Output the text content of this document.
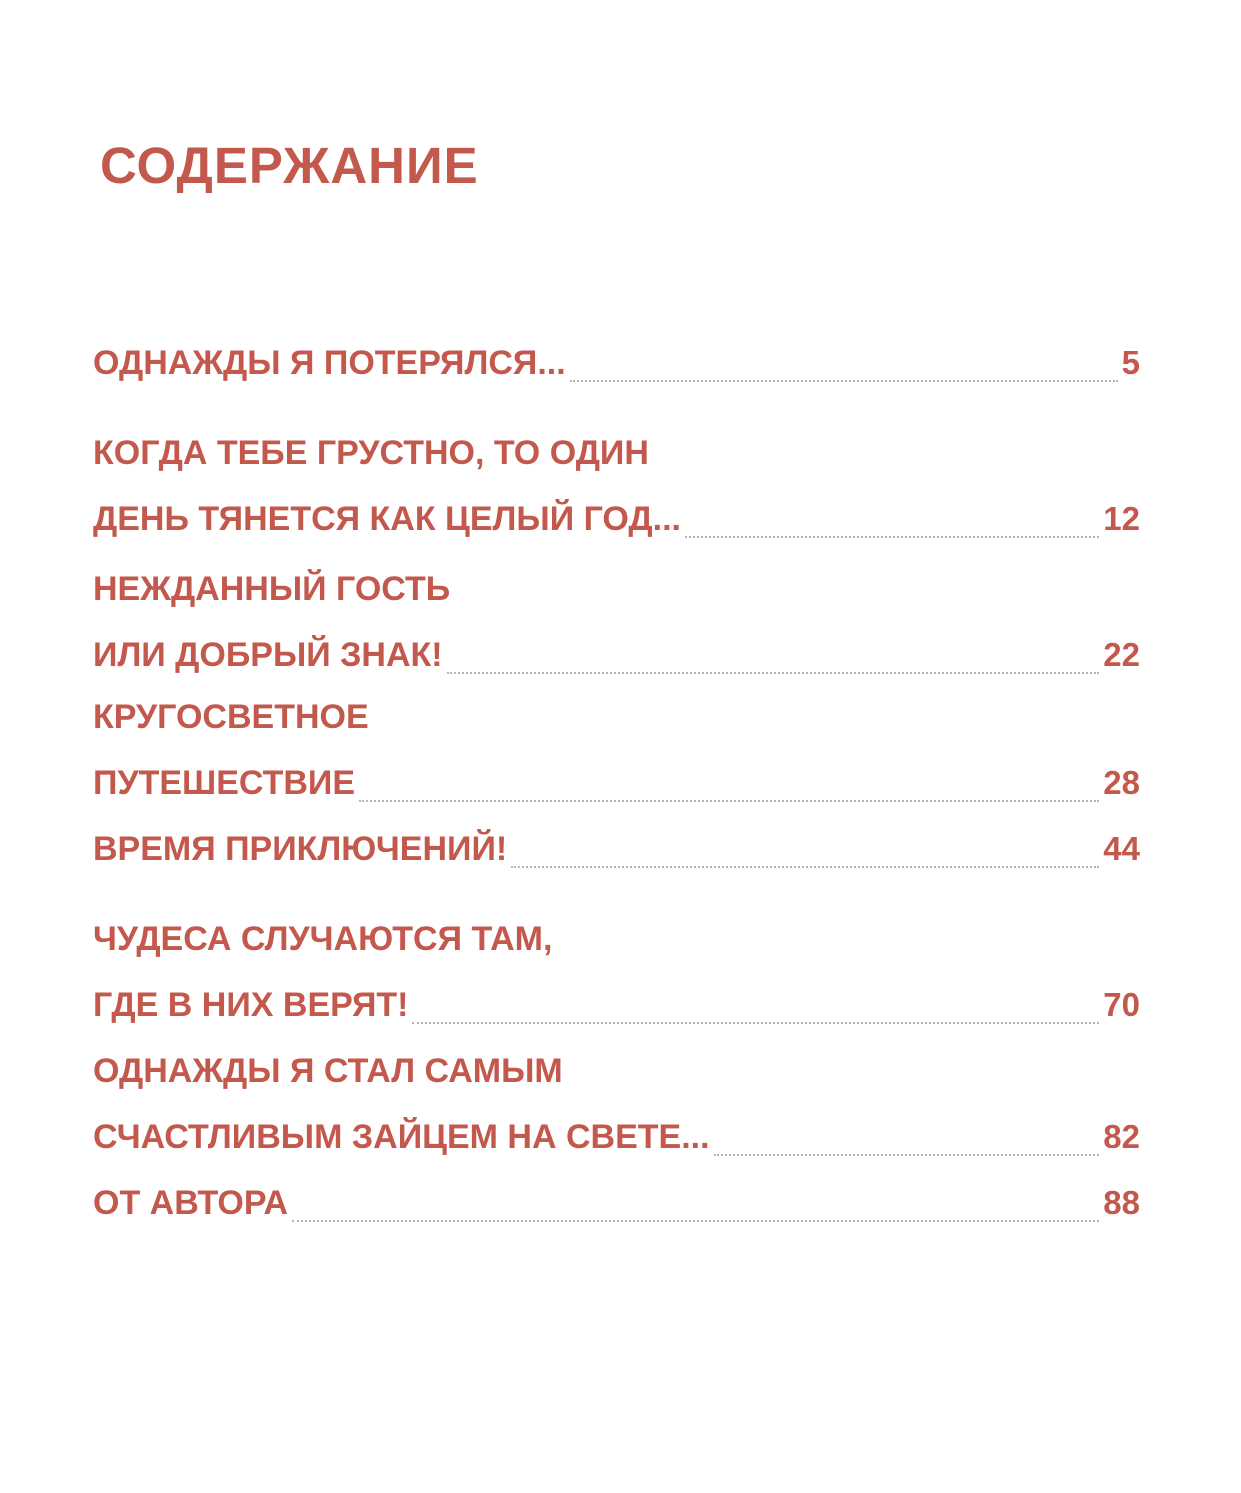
СОДЕРЖАНИЕ
ОДНАЖДЫ Я ПОТЕРЯЛСЯ...	5
КОГДА ТЕБЕ ГРУСТНО, ТО ОДИН
ДЕНЬ ТЯНЕТСЯ КАК ЦЕЛЫЙ ГОД...	12
НЕЖДАННЫЙ ГОСТЬ
ИЛИ ДОБРЫЙ ЗНАК!	22
КРУГОСВЕТНОЕ
ПУТЕШЕСТВИЕ	28
ВРЕМЯ ПРИКЛЮЧЕНИЙ!	44
ЧУДЕСА СЛУЧАЮТСЯ ТАМ,
ГДЕ В НИХ ВЕРЯТ!	70
ОДНАЖДЫ Я СТАЛ САМЫМ
СЧАСТЛИВЫМ ЗАЙЦЕМ НА СВЕТЕ...	82
ОТ АВТОРА	88
